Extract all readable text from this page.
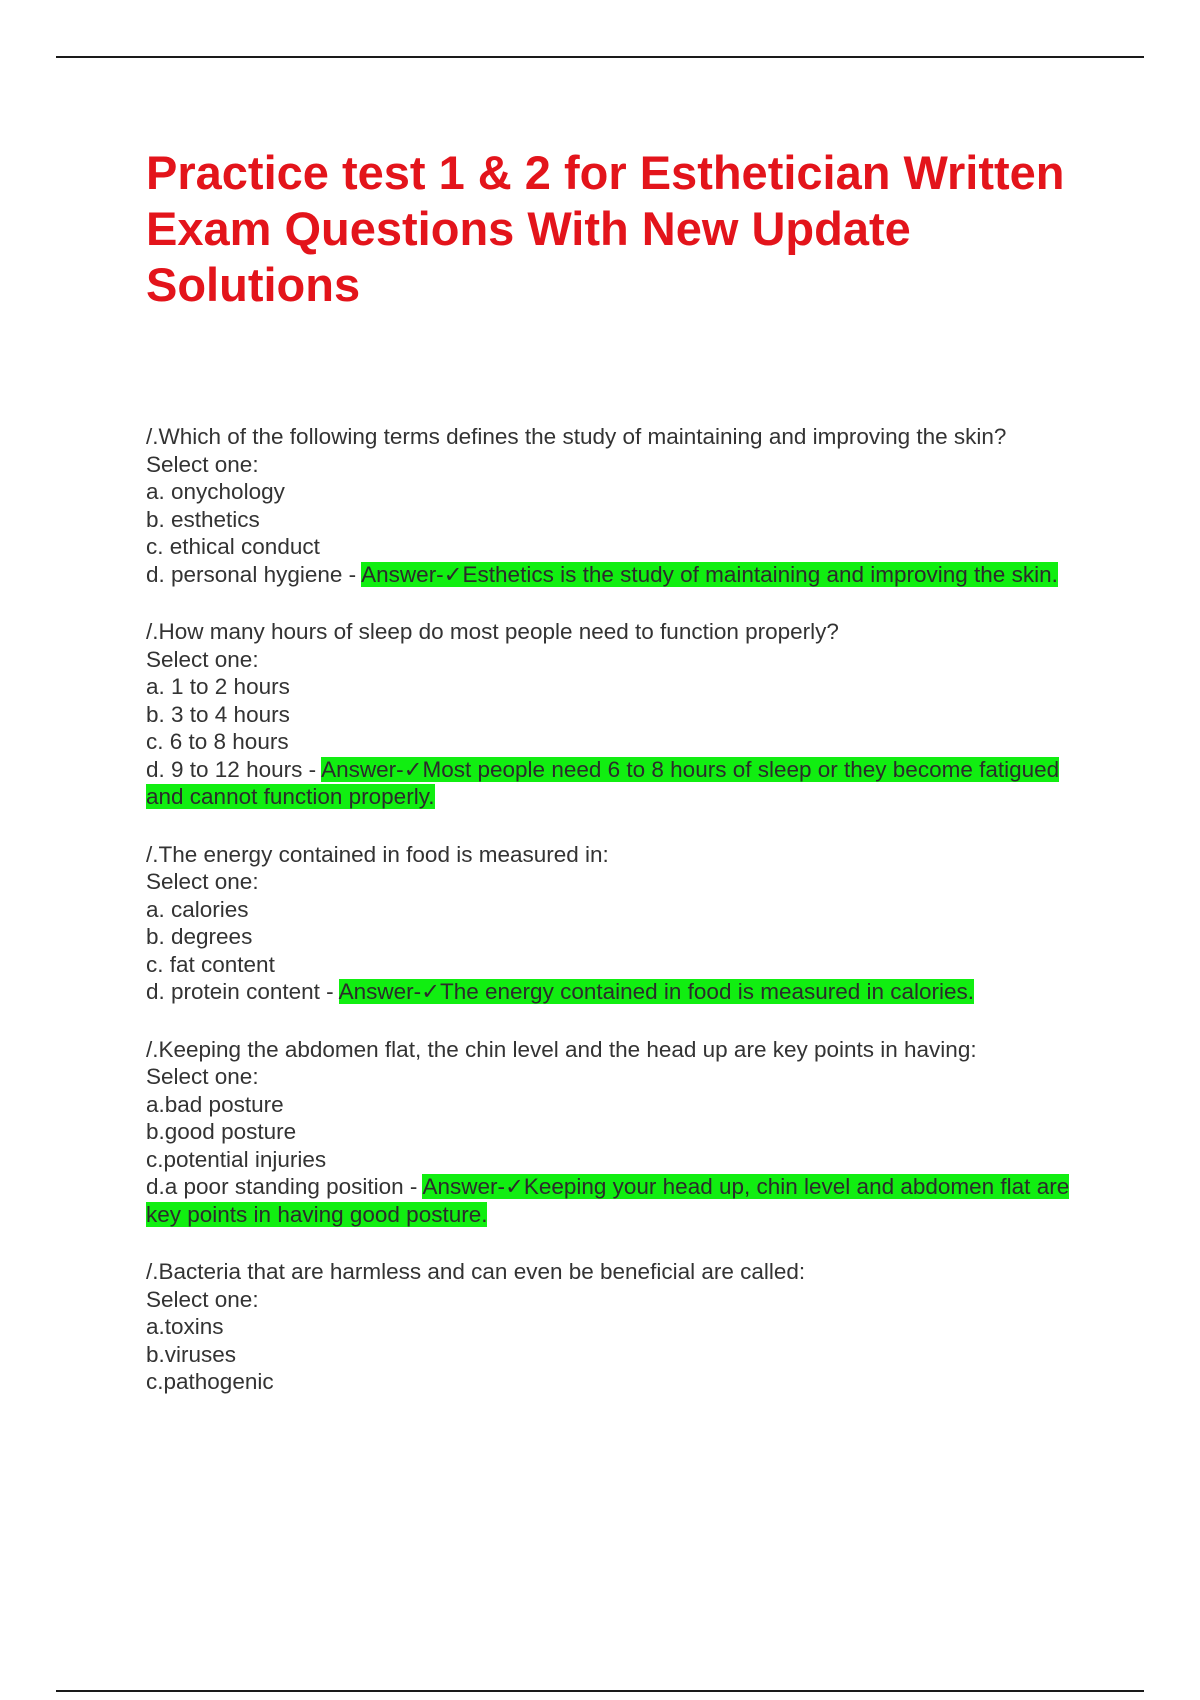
Practice test 1 & 2 for Esthetician Written Exam Questions With New Update Solutions
/.Which of the following terms defines the study of maintaining and improving the skin?
Select one:
a. onychology
b. esthetics
c. ethical conduct
d. personal hygiene - Answer-✓Esthetics is the study of maintaining and improving the skin.
/.How many hours of sleep do most people need to function properly?
Select one:
a. 1 to 2 hours
b. 3 to 4 hours
c. 6 to 8 hours
d. 9 to 12 hours - Answer-✓Most people need 6 to 8 hours of sleep or they become fatigued and cannot function properly.
/.The energy contained in food is measured in:
Select one:
a. calories
b. degrees
c. fat content
d. protein content - Answer-✓The energy contained in food is measured in calories.
/.Keeping the abdomen flat, the chin level and the head up are key points in having:
Select one:
a.bad posture
b.good posture
c.potential injuries
d.a poor standing position - Answer-✓Keeping your head up, chin level and abdomen flat are key points in having good posture.
/.Bacteria that are harmless and can even be beneficial are called:
Select one:
a.toxins
b.viruses
c.pathogenic
